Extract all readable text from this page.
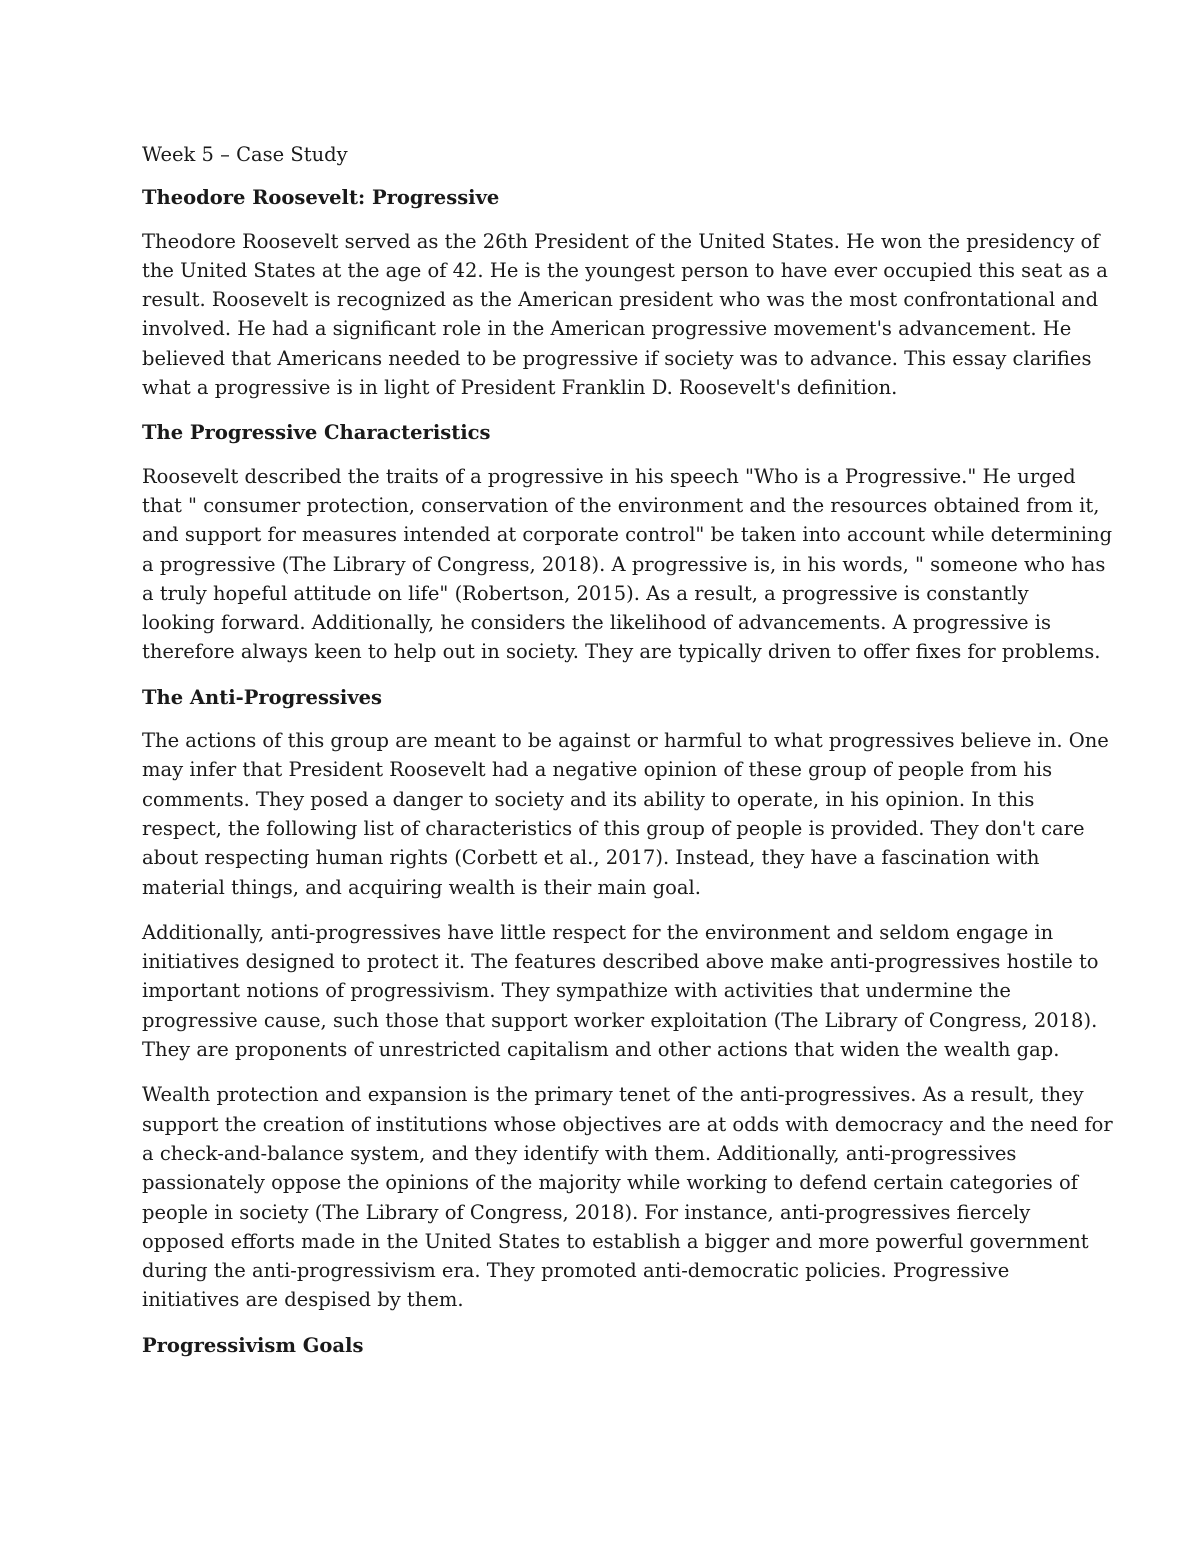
Week 5 – Case Study
Theodore Roosevelt: Progressive
Theodore Roosevelt served as the 26th President of the United States. He won the presidency of
the United States at the age of 42. He is the youngest person to have ever occupied this seat as a
result. Roosevelt is recognized as the American president who was the most confrontational and
involved. He had a significant role in the American progressive movement's advancement. He
believed that Americans needed to be progressive if society was to advance. This essay clarifies
what a progressive is in light of President Franklin D. Roosevelt's definition.
The Progressive Characteristics
Roosevelt described the traits of a progressive in his speech "Who is a Progressive." He urged
that " consumer protection, conservation of the environment and the resources obtained from it,
and support for measures intended at corporate control" be taken into account while determining
a progressive (The Library of Congress, 2018). A progressive is, in his words, " someone who has
a truly hopeful attitude on life" (Robertson, 2015). As a result, a progressive is constantly
looking forward. Additionally, he considers the likelihood of advancements. A progressive is
therefore always keen to help out in society. They are typically driven to offer fixes for problems.
The Anti-Progressives
The actions of this group are meant to be against or harmful to what progressives believe in. One
may infer that President Roosevelt had a negative opinion of these group of people from his
comments. They posed a danger to society and its ability to operate, in his opinion. In this
respect, the following list of characteristics of this group of people is provided. They don't care
about respecting human rights (Corbett et al., 2017). Instead, they have a fascination with
material things, and acquiring wealth is their main goal.
Additionally, anti-progressives have little respect for the environment and seldom engage in
initiatives designed to protect it. The features described above make anti-progressives hostile to
important notions of progressivism. They sympathize with activities that undermine the
progressive cause, such those that support worker exploitation (The Library of Congress, 2018).
They are proponents of unrestricted capitalism and other actions that widen the wealth gap.
Wealth protection and expansion is the primary tenet of the anti-progressives. As a result, they
support the creation of institutions whose objectives are at odds with democracy and the need for
a check-and-balance system, and they identify with them. Additionally, anti-progressives
passionately oppose the opinions of the majority while working to defend certain categories of
people in society (The Library of Congress, 2018). For instance, anti-progressives fiercely
opposed efforts made in the United States to establish a bigger and more powerful government
during the anti-progressivism era. They promoted anti-democratic policies. Progressive
initiatives are despised by them.
Progressivism Goals
